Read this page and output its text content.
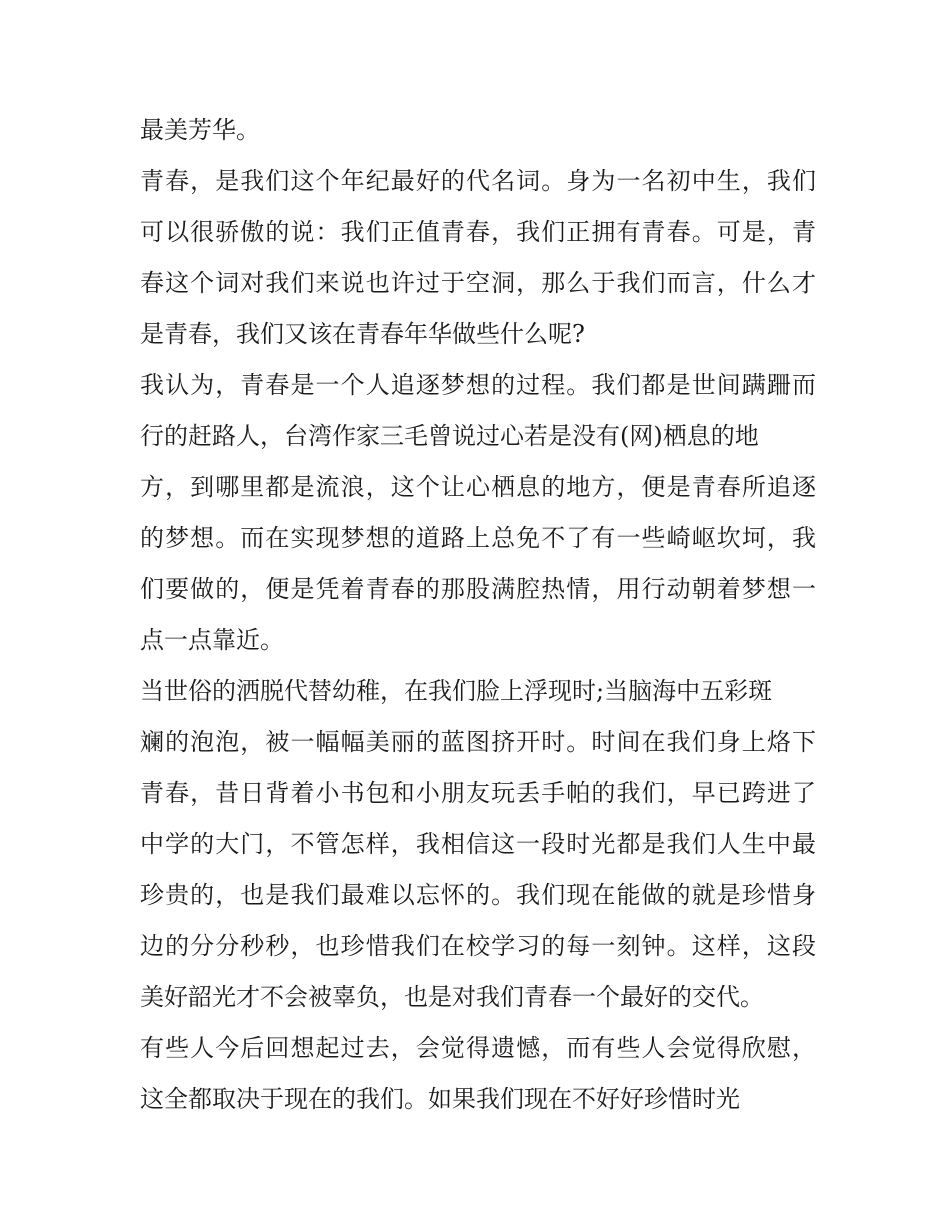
最美芳华。
青春，是我们这个年纪最好的代名词。身为一名初中生，我们
可以很骄傲的说：我们正值青春，我们正拥有青春。可是，青
春这个词对我们来说也许过于空洞，那么于我们而言，什么才
是青春，我们又该在青春年华做些什么呢?
我认为，青春是一个人追逐梦想的过程。我们都是世间蹒跚而
行的赶路人，台湾作家三毛曾说过心若是没有(网)栖息的地
方，到哪里都是流浪，这个让心栖息的地方，便是青春所追逐
的梦想。而在实现梦想的道路上总免不了有一些崎岖坎坷，我
们要做的，便是凭着青春的那股满腔热情，用行动朝着梦想一
点一点靠近。
当世俗的洒脱代替幼稚，在我们脸上浮现时;当脑海中五彩斑
斓的泡泡，被一幅幅美丽的蓝图挤开时。时间在我们身上烙下
青春，昔日背着小书包和小朋友玩丢手帕的我们，早已跨进了
中学的大门，不管怎样，我相信这一段时光都是我们人生中最
珍贵的，也是我们最难以忘怀的。我们现在能做的就是珍惜身
边的分分秒秒，也珍惜我们在校学习的每一刻钟。这样，这段
美好韶光才不会被辜负，也是对我们青春一个最好的交代。
有些人今后回想起过去，会觉得遗憾，而有些人会觉得欣慰，
这全都取决于现在的我们。如果我们现在不好好珍惜时光
